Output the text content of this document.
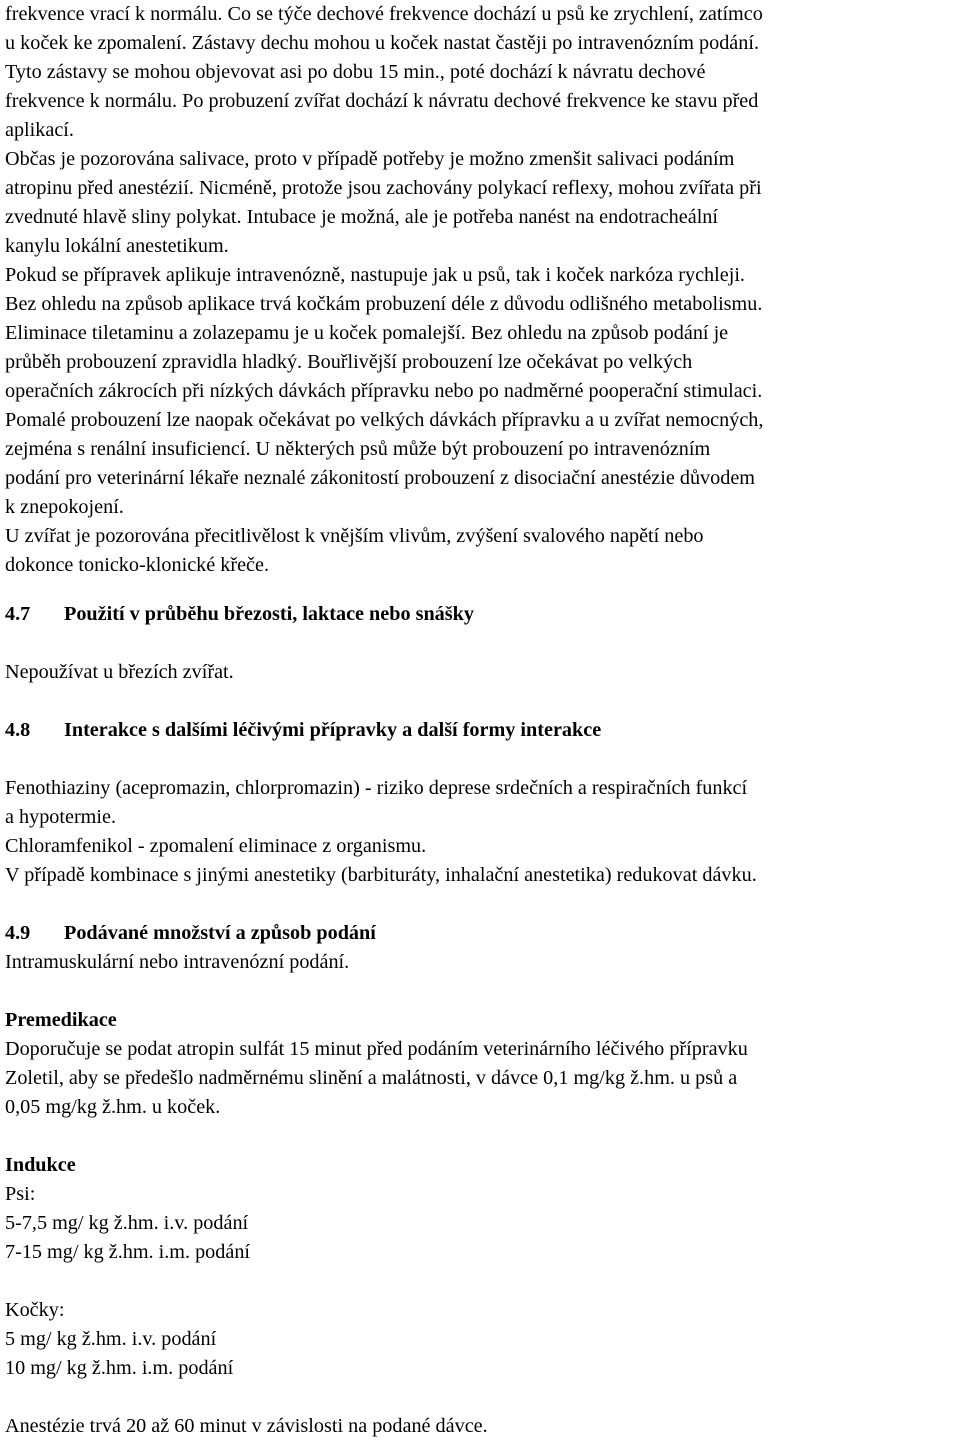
frekvence vrací k normálu. Co se týče dechové frekvence dochází u psů ke zrychlení, zatímco
u koček ke zpomalení. Zástavy dechu mohou u koček nastat častěji po intravenózním podání.
Tyto zástavy se mohou objevovat asi po dobu 15 min., poté dochází k návratu dechové
frekvence k normálu. Po probuzení zvířat dochází k návratu dechové frekvence ke stavu před
aplikací.
Občas je pozorována salivace, proto v případě potřeby je možno zmenšit salivaci podáním
atropinu před anestézií. Nicméně, protože jsou zachovány polykací reflexy, mohou zvířata při
zvednuté hlavě sliny polykat. Intubace je možná, ale je potřeba nanést na endotracheální
kanylu lokální anestetikum.
Pokud se přípravek aplikuje intravenózně, nastupuje jak u psů, tak i koček narkóza rychleji.
Bez ohledu na způsob aplikace trvá kočkám probuzení déle z důvodu odlišného metabolismu.
Eliminace tiletaminu a zolazepamu je u koček pomalejší. Bez ohledu na způsob podání je
průběh probouzení zpravidla hladký. Bouřlivější probouzení lze očekávat po velkých
operačních zákrocích při nízkých dávkách přípravku nebo po nadměrné pooperační stimulaci.
Pomalé probouzení lze naopak očekávat po velkých dávkách přípravku a u zvířat nemocných,
zejména s renální insuficiencí. U některých psů může být probouzení po intravenózním
podání pro veterinární lékaře neznalé zákonitostí probouzení z disociační anestézie důvodem
k znepokojení.
U zvířat je pozorována přecitlivělost k vnějším vlivům, zvýšení svalového napětí nebo
dokonce tonicko-klonické křeče.
4.7 Použití v průběhu březosti, laktace nebo snášky
Nepoužívat u březích zvířat.
4.8 Interakce s dalšími léčivými přípravky a další formy interakce
Fenothiaziny (acepromazin, chlorpromazin) - riziko deprese srdečních a respiračních funkcí
a hypotermie.
Chloramfenikol - zpomalení eliminace z organismu.
V případě kombinace s jinými anestetiky (barbituráty, inhalační anestetika) redukovat dávku.
4.9 Podávané množství a způsob podání
Intramuskulární nebo intravenózní podání.
Premedikace
Doporučuje se podat atropin sulfát 15 minut před podáním veterinárního léčivého přípravku
Zoletil, aby se předešlo nadměrnému slinění a malátnosti, v dávce 0,1 mg/kg ž.hm. u psů a
0,05 mg/kg ž.hm. u koček.
Indukce
Psi:
5-7,5 mg/ kg ž.hm. i.v. podání
7-15 mg/ kg ž.hm. i.m. podání
Kočky:
5 mg/ kg ž.hm. i.v. podání
10 mg/ kg ž.hm. i.m. podání
Anestézie trvá 20 až 60 minut v závislosti na podané dávce.
